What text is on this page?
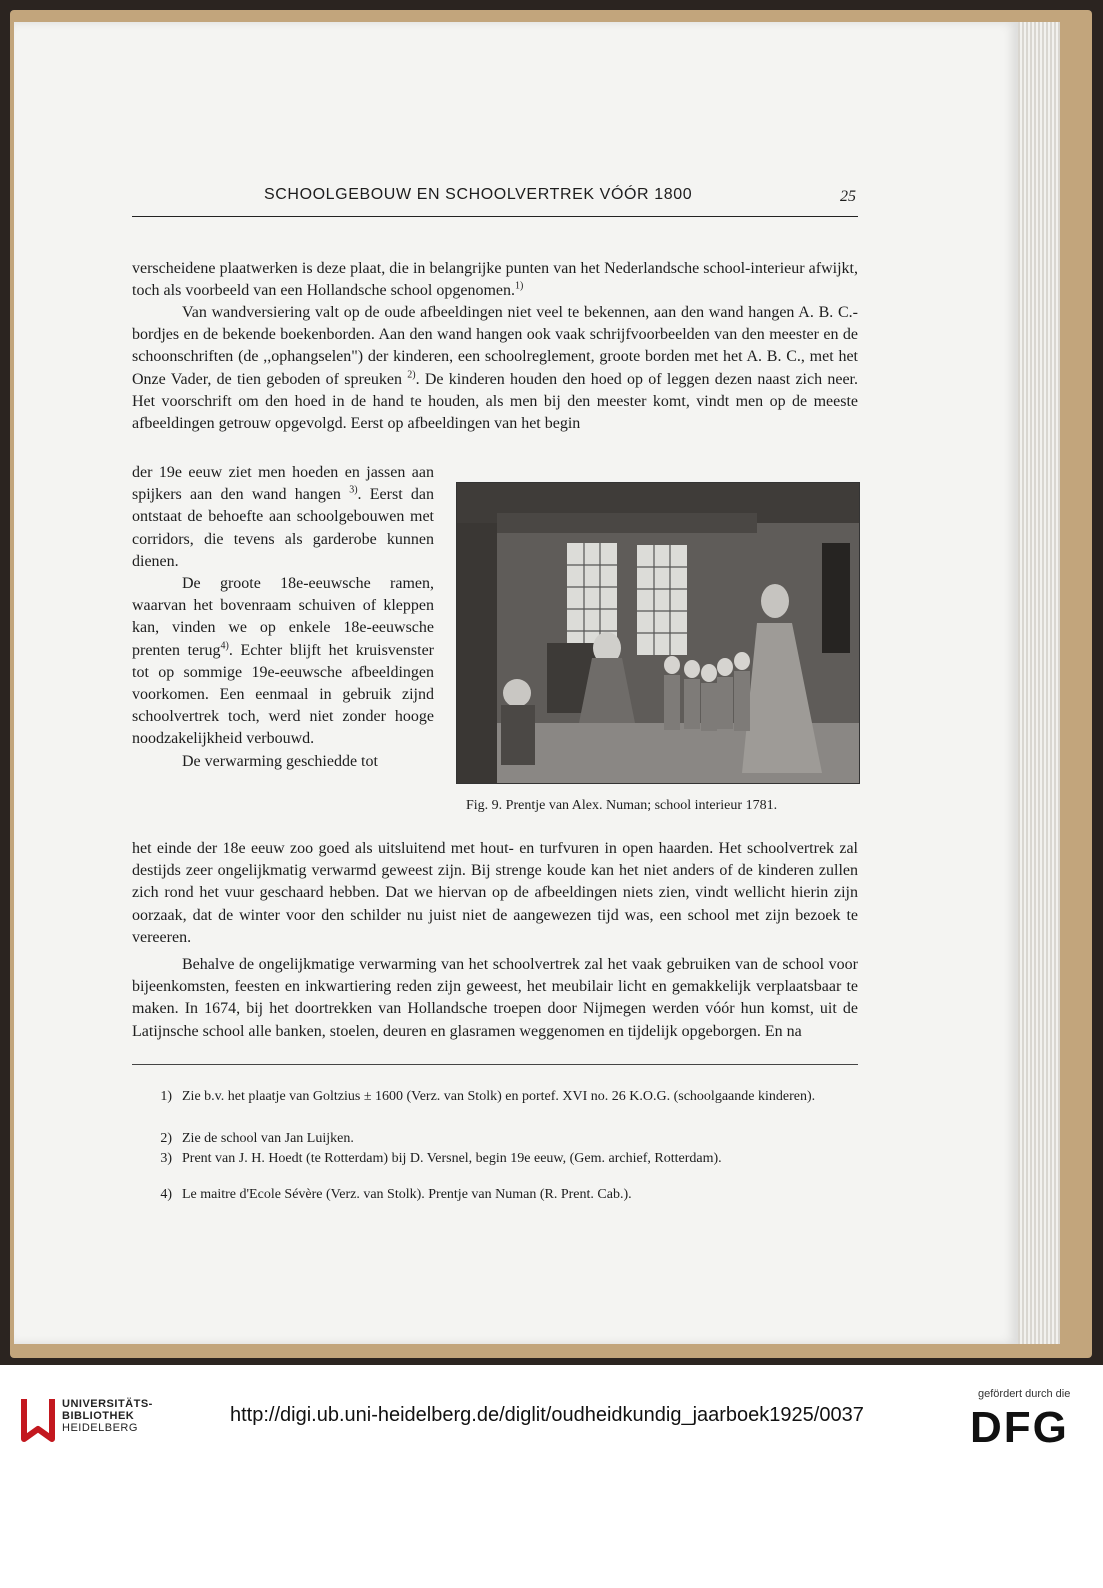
SCHOOLGEBOUW EN SCHOOLVERTREK VÓÓR 1800	25

verscheidene plaatwerken is deze plaat, die in belangrijke punten van het Nederlandsche school-interieur afwijkt, toch als voorbeeld van een Hollandsche school opgenomen.$^{1)}$

Van wandversiering valt op de oude afbeeldingen niet veel te bekennen, aan den wand hangen A. B. C.-bordjes en de bekende boekenborden. Aan den wand hangen ook vaak schrijfvoorbeelden van den meester en de schoonschriften (de ,,ophangselen") der kinderen, een schoolreglement, groote borden met het A. B. C., met het Onze Vader, de tien geboden of spreuken $^{2)}$. De kinderen houden den hoed op of leggen dezen naast zich neer. Het voorschrift om den hoed in de hand te houden, als men bij den meester komt, vindt men op de meeste afbeeldingen getrouw opgevolgd. Eerst op afbeeldingen van het begin

der 19e eeuw ziet men hoeden en jassen aan spijkers aan den wand hangen $^{3)}$. Eerst dan ontstaat de behoefte aan schoolgebouwen met corridors, die tevens als garderobe kunnen dienen.
De groote 18e-eeuwsche ramen, waarvan het bovenraam schuiven of kleppen kan, vinden we op enkele 18e-eeuwsche prenten terug$^{4)}$. Echter blijft het kruisvenster tot op sommige 19e-eeuwsche afbeeldingen voorkomen. Een eenmaal in gebruik zijnd schoolvertrek toch, werd niet zonder hooge noodzakelijkheid verbouwd.
De verwarming geschiedde tot

Fig. 9. Prentje van Alex. Numan; school interieur 1781.

het einde der 18e eeuw zoo goed als uitsluitend met hout- en turfvuren in open haarden. Het schoolvertrek zal destijds zeer ongelijkmatig verwarmd geweest zijn. Bij strenge koude kan het niet anders of de kinderen zullen zich rond het vuur geschaard hebben. Dat we hiervan op de afbeeldingen niets zien, vindt wellicht hierin zijn oorzaak, dat de winter voor den schilder nu juist niet de aangewezen tijd was, een school met zijn bezoek te vereeren.

Behalve de ongelijkmatige verwarming van het schoolvertrek zal het vaak gebruiken van de school voor bijeenkomsten, feesten en inkwartiering reden zijn geweest, het meubilair licht en gemakkelijk verplaatsbaar te maken. In 1674, bij het doortrekken van Hollandsche troepen door Nijmegen werden vóór hun komst, uit de Latijnsche school alle banken, stoelen, deuren en glasramen weggenomen en tijdelijk opgeborgen. En na

1) Zie b.v. het plaatje van Goltzius ± 1600 (Verz. van Stolk) en portef. XVI no. 26 K.O.G. (schoolgaande kinderen).

2) Zie de school van Jan Luijken.

3) Prent van J. H. Hoedt (te Rotterdam) bij D. Versnel, begin 19e eeuw, (Gem. archief, Rotterdam).

4) Le maitre d'Ecole Sévère (Verz. van Stolk). Prentje van Numan (R. Prent. Cab.).

UNIVERSITÄTS-
BIBLIOTHEK
HEIDELBERG
http://digi.ub.uni-heidelberg.de/diglit/oudheidkundig_jaarboek1925/0037
gefördert durch die
DFG
